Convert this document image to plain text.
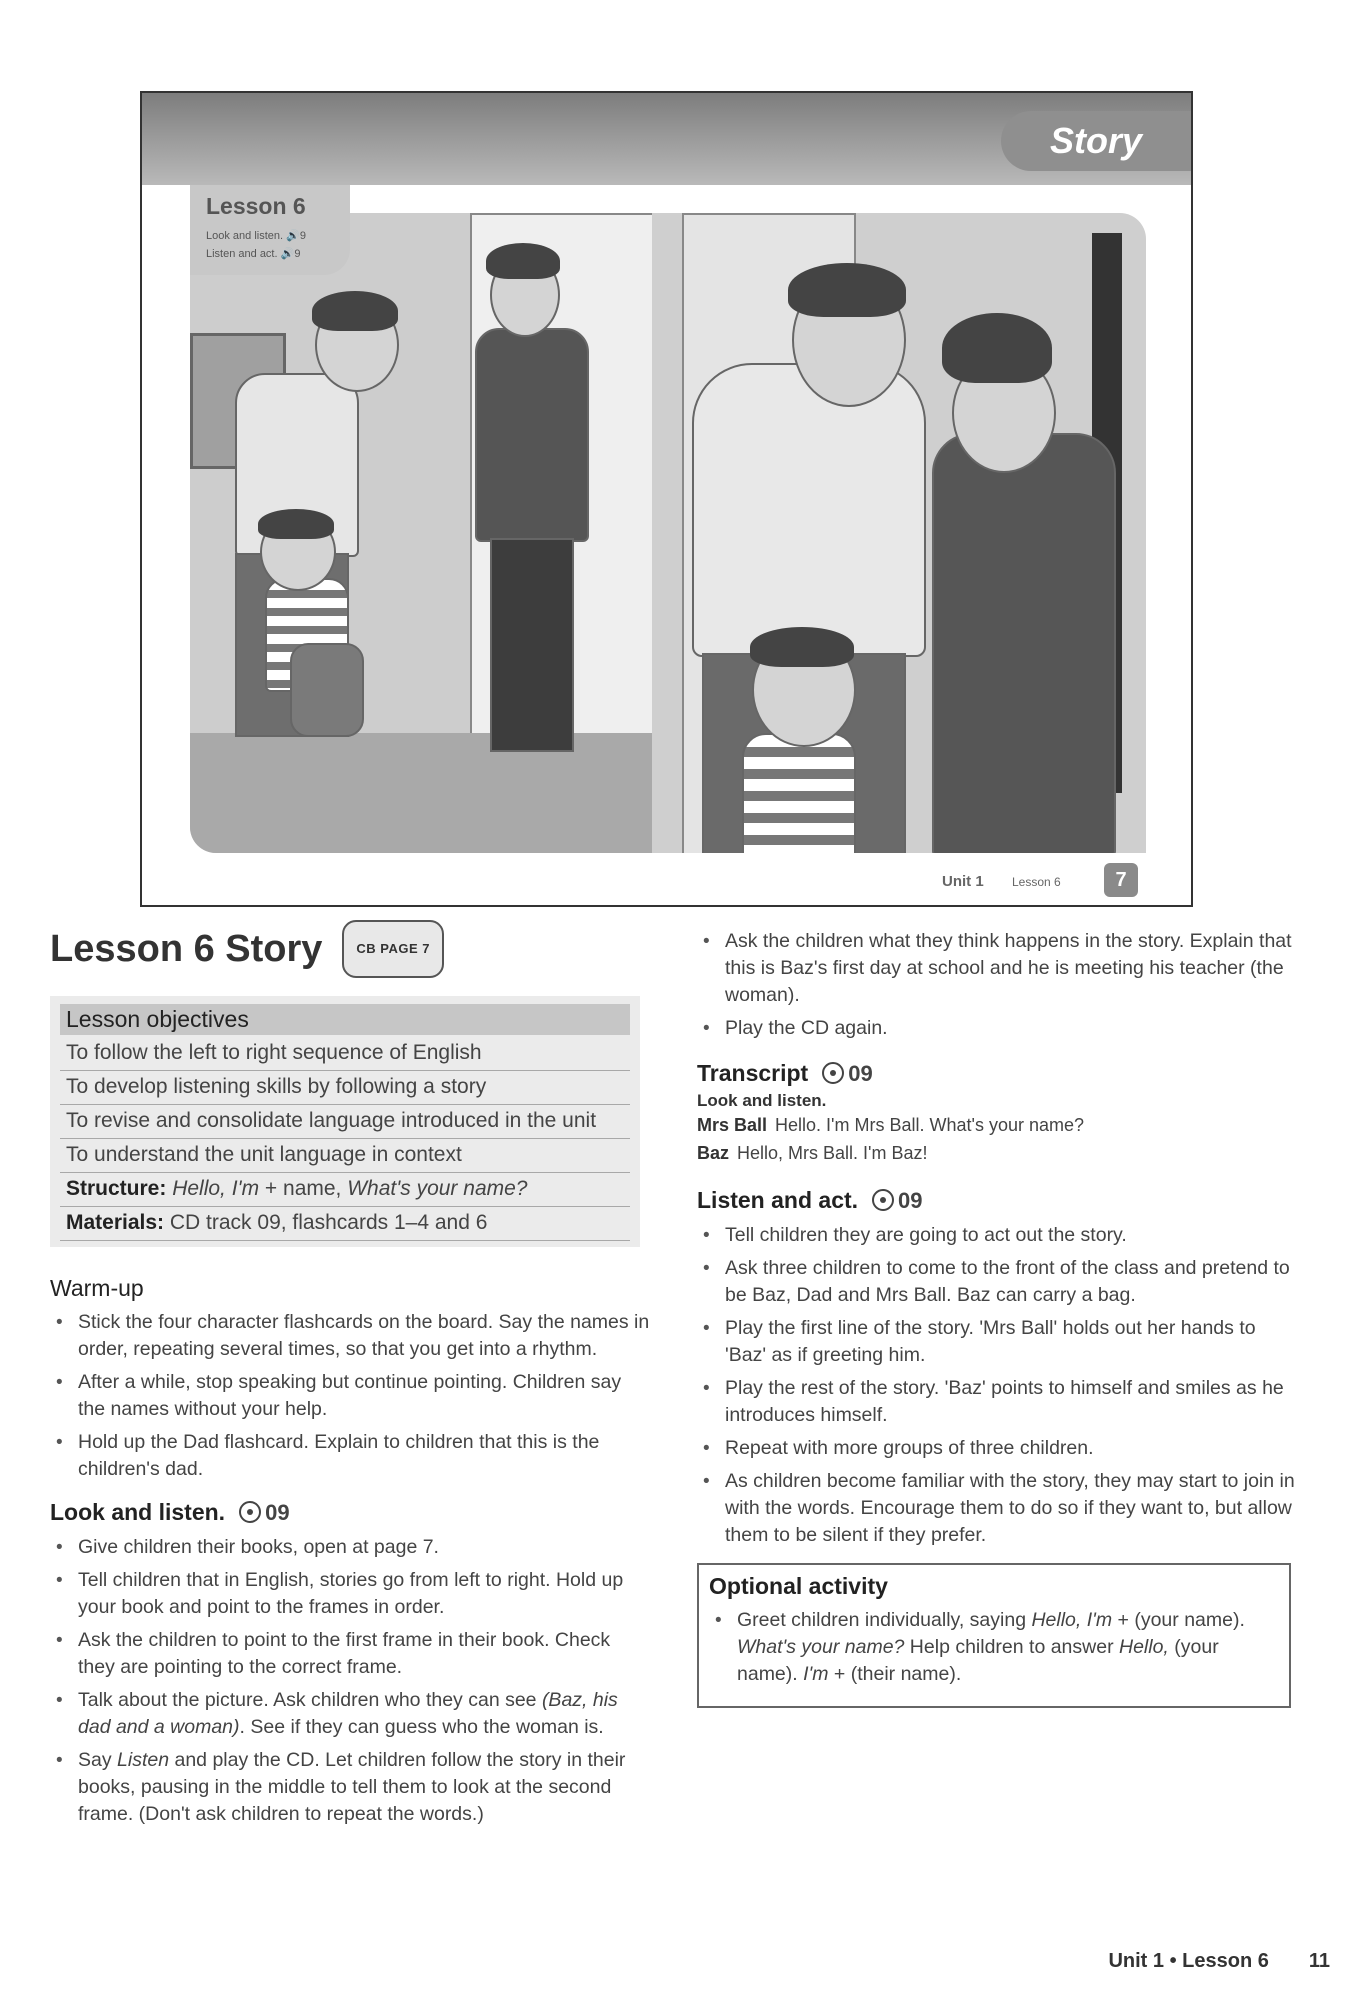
Story
Lesson 6
Look and listen. 🔊9
Listen and act. 🔊9
Unit 1 Lesson 6	7
Lesson 6 Story	CB PAGE 7
Lesson objectives
To follow the left to right sequence of English
To develop listening skills by following a story
To revise and consolidate language introduced in the unit
To understand the unit language in context
Structure: Hello, I'm + name, What's your name?
Materials: CD track 09, flashcards 1–4 and 6
Warm-up
• Stick the four character flashcards on the board. Say the names in order, repeating several times, so that you get into a rhythm.
• After a while, stop speaking but continue pointing. Children say the names without your help.
• Hold up the Dad flashcard. Explain to children that this is the children's dad.
Look and listen. 09
• Give children their books, open at page 7.
• Tell children that in English, stories go from left to right. Hold up your book and point to the frames in order.
• Ask the children to point to the first frame in their book. Check they are pointing to the correct frame.
• Talk about the picture. Ask children who they can see (Baz, his dad and a woman). See if they can guess who the woman is.
• Say Listen and play the CD. Let children follow the story in their books, pausing in the middle to tell them to look at the second frame. (Don't ask children to repeat the words.)
• Ask the children what they think happens in the story. Explain that this is Baz's first day at school and he is meeting his teacher (the woman).
• Play the CD again.
Transcript 09
Look and listen.
Mrs Ball Hello. I'm Mrs Ball. What's your name?
Baz Hello, Mrs Ball. I'm Baz!
Listen and act. 09
• Tell children they are going to act out the story.
• Ask three children to come to the front of the class and pretend to be Baz, Dad and Mrs Ball. Baz can carry a bag.
• Play the first line of the story. 'Mrs Ball' holds out her hands to 'Baz' as if greeting him.
• Play the rest of the story. 'Baz' points to himself and smiles as he introduces himself.
• Repeat with more groups of three children.
• As children become familiar with the story, they may start to join in with the words. Encourage them to do so if they want to, but allow them to be silent if they prefer.
Optional activity
• Greet children individually, saying Hello, I'm + (your name). What's your name? Help children to answer Hello, (your name). I'm + (their name).
Unit 1 • Lesson 6 11
